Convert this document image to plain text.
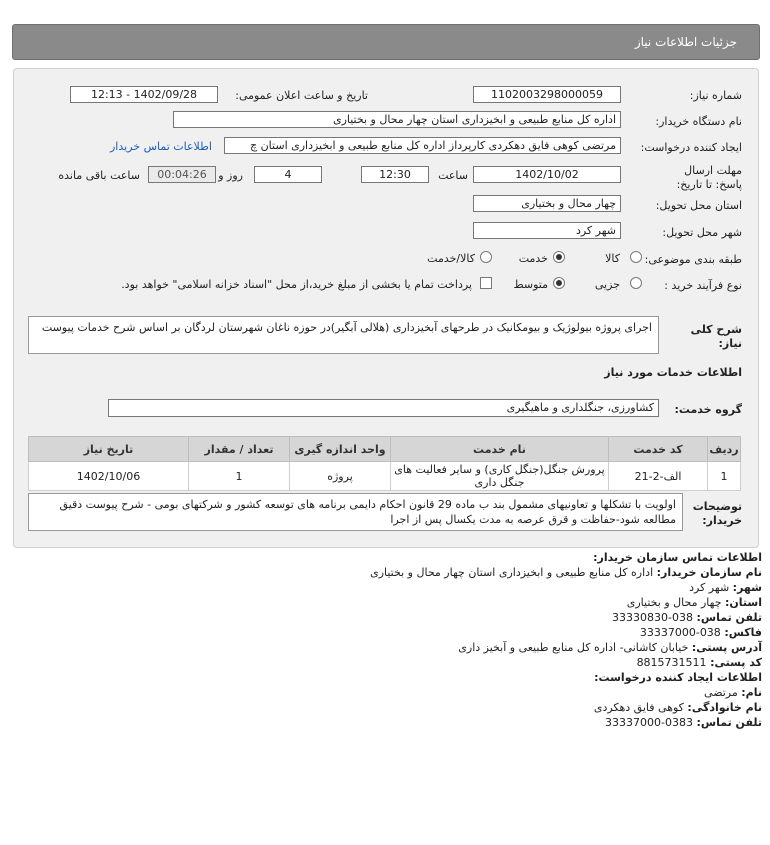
جزئیات اطلاعات نیاز
شماره نیاز:
1102003298000059
تاریخ و ساعت اعلان عمومی:
1402/09/28 - 12:13
نام دستگاه خریدار:
اداره کل منابع طبیعی و ابخیزداری استان چهار محال و بختیاری
ایجاد کننده درخواست:
مرتضی کوهی فایق دهکردی کارپرداز اداره کل منابع طبیعی و ابخیزداری استان چ
اطلاعات تماس خریدار
مهلت ارسال پاسخ: تا تاریخ:
1402/10/02
ساعت
12:30
4
روز و
00:04:26
ساعت باقی مانده
استان محل تحویل:
چهار محال و بختیاری
شهر محل تحویل:
شهر کرد
طبقه بندی موضوعی:
کالا
خدمت
کالا/خدمت
نوع فرآیند خرید :
جزیی
متوسط
پرداخت تمام یا بخشی از مبلغ خرید،از محل "اسناد خزانه اسلامی" خواهد بود.
شرح کلی نیاز:
اجرای پروژه بیولوژیک و بیومکانیک در طرحهای آبخیزداری (هلالی آبگیر)در حوزه ناغان شهرستان لردگان بر اساس شرح خدمات پیوست
اطلاعات خدمات مورد نیاز
گروه خدمت:
کشاورزی، جنگلداری و ماهیگیری
ردیف	کد خدمت	نام خدمت	واحد اندازه گیری	تعداد / مقدار	تاریخ نیاز
1	الف-2-21	پرورش جنگل(جنگل کاری) و سایر فعالیت های جنگل داری	پروژه	1	1402/10/06
توضیحات خریدار:
اولویت با تشکلها و تعاونیهای مشمول بند ب ماده 29 قانون احکام دایمی برنامه های توسعه کشور و شرکتهای بومی - شرح پیوست دقیق مطالعه شود-حفاظت و قرق عرصه به مدت یکسال پس از اجرا
اطلاعات تماس سازمان خریدار:
نام سازمان خریدار: اداره کل منابع طبیعی و ابخیزداری استان چهار محال و بختیاری
شهر: شهر کرد
استان: چهار محال و بختیاری
تلفن تماس: 038-33330830
فاکس: 038-33337000
آدرس پستی: خیابان کاشانی- اداره کل منابع طبیعی و آبخیز داری
کد پستی: 8815731511
اطلاعات ایجاد کننده درخواست:
نام: مرتضی
نام خانوادگی: کوهی فایق دهکردی
تلفن تماس: 0383-33337000
